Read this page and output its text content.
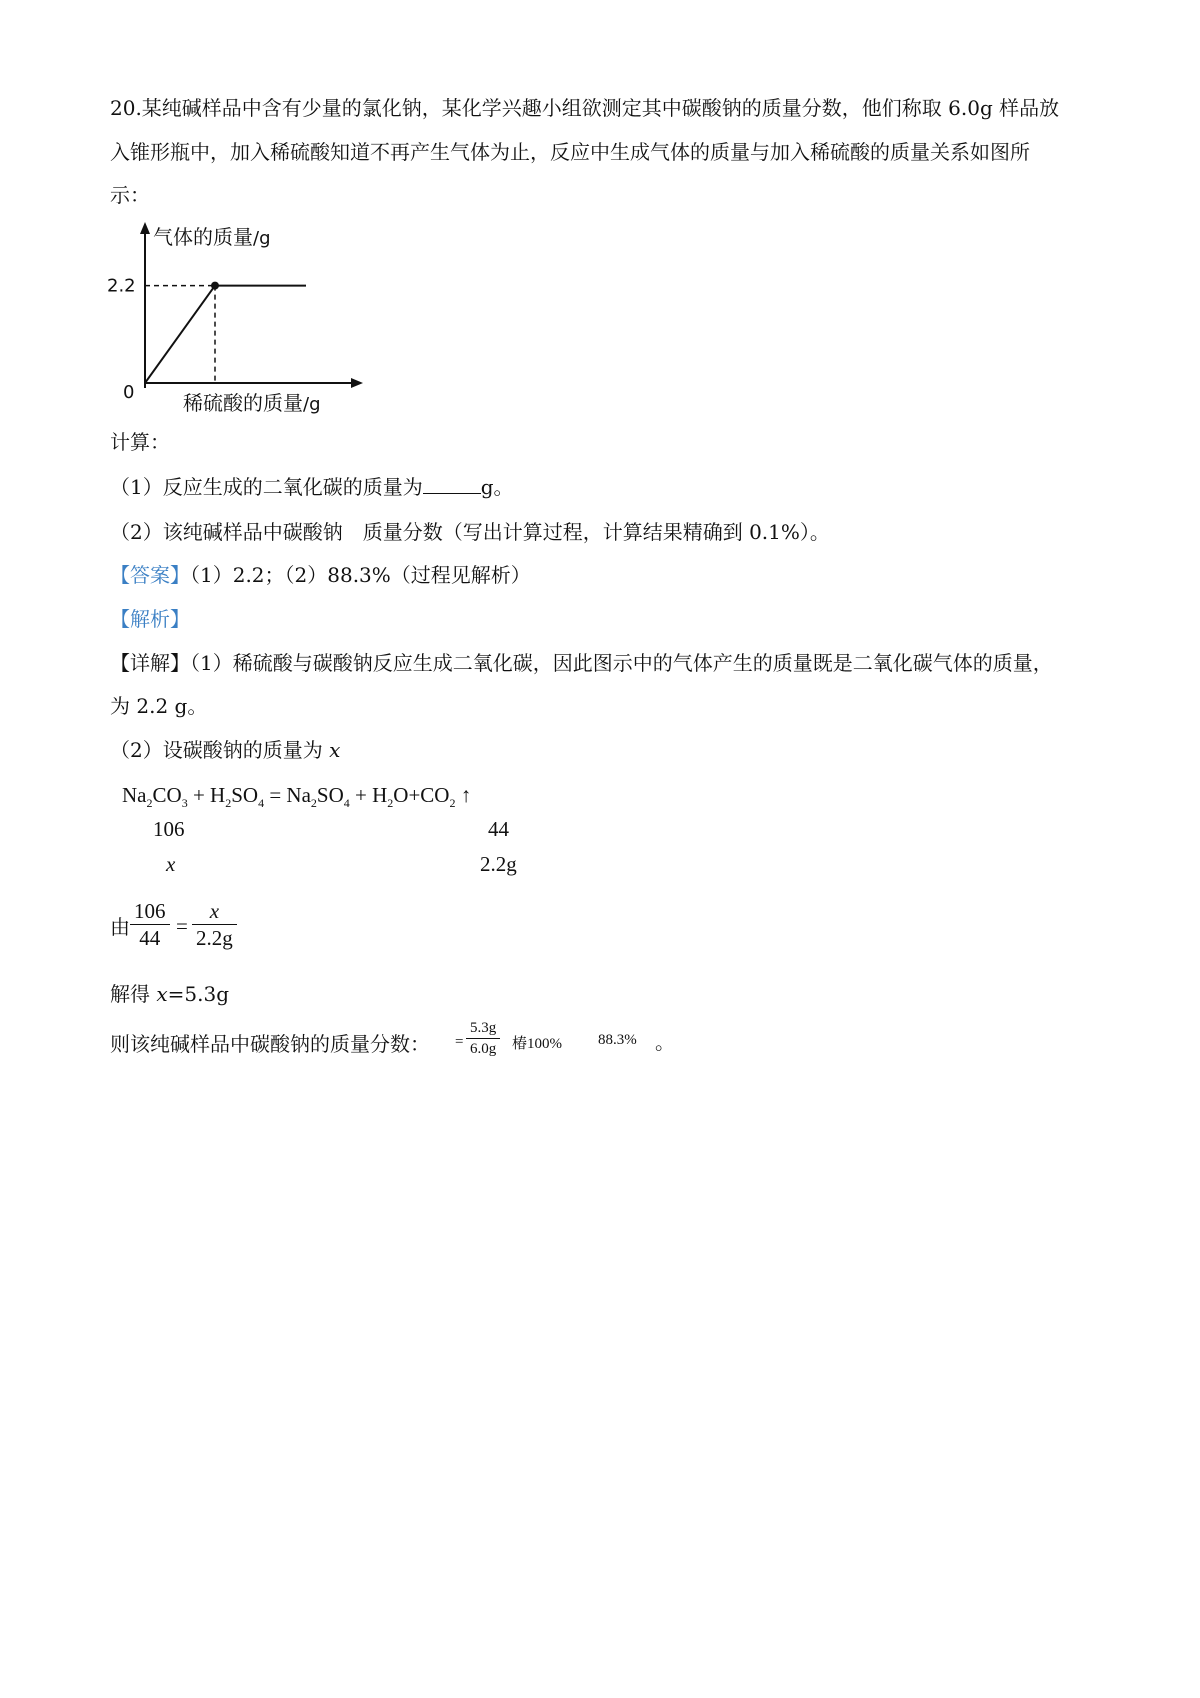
20.某纯碱样品中含有少量的氯化钠，某化学兴趣小组欲测定其中碳酸钠的质量分数，他们称取 6.0g 样品放
入锥形瓶中，加入稀硫酸知道不再产生气体为止，反应中生成气体的质量与加入稀硫酸的质量关系如图所
示：
气体的质量/g
2.2
0 稀硫酸的质量/g
计算：
（1）反应生成的二氧化碳的质量为	g。
（2）该纯碱样品中碳酸钠　质量分数（写出计算过程，计算结果精确到 0.1%）。
【答案】（1）2.2；（2）88.3%（过程见解析）
【解析】
【详解】（1）稀硫酸与碳酸钠反应生成二氧化碳，因此图示中的气体产生的质量既是二氧化碳气体的质量，
为 2.2 g。
（2）设碳酸钠的质量为 x
$Na_2CO_3 + H_2SO_4 = Na_2SO_4 + H_2O+CO_2$ ↑
106	44
x	2.2g
由 $\frac{106}{44} = \frac{x}{2.2g}$
解得 x=5.3g
则该纯碱样品中碳酸钠的质量分数： = $\frac{5.3g}{6.0g}$ 椿100% 88.3% 。
